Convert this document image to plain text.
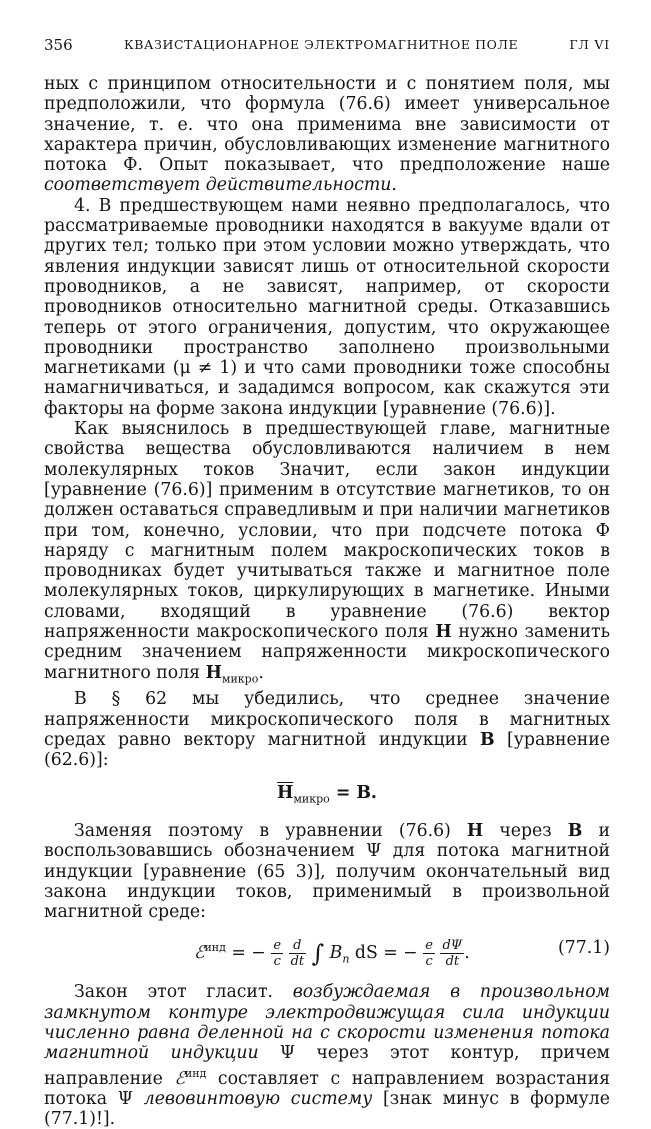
356	КВАЗИСТАЦИОНАРНОЕ ЭЛЕКТРОМАГНИТНОЕ ПОЛЕ	ГЛ VI

ных с принципом относительности и с понятием поля, мы предположили, что формула (76.6) имеет универсальное значение, т. е. что она применима вне зависимости от характера причин, обусловливающих изменение магнитного потока Ф. Опыт показывает, что предположение наше соответствует действительности.

4. В предшествующем нами неявно предполагалось, что рассматриваемые проводники находятся в вакууме вдали от других тел; только при этом условии можно утверждать, что явления индукции зависят лишь от относительной скорости проводников, а не зависят, например, от скорости проводников относительно магнитной среды. Отказавшись теперь от этого ограничения, допустим, что окружающее проводники пространство заполнено произвольными магнетиками (μ ≠ 1) и что сами проводники тоже способны намагничиваться, и зададимся вопросом, как скажутся эти факторы на форме закона индукции [уравнение (76.6)].

Как выяснилось в предшествующей главе, магнитные свойства вещества обусловливаются наличием в нем молекулярных токов Значит, если закон индукции [уравнение (76.6)] применим в отсутствие магнетиков, то он должен оставаться справедливым и при наличии магнетиков при том, конечно, условии, что при подсчете потока Ф наряду с магнитным полем макроскопических токов в проводниках будет учитываться также и магнитное поле молекулярных токов, циркулирующих в магнетике. Иными словами, входящий в уравнение (76.6) вектор напряженности макроскопического поля H нужно заменить средним значением напряженности микроскопического магнитного поля $H_{микро}$.

В § 62 мы убедились, что среднее значение напряженности микроскопического поля в магнитных средах равно вектору магнитной индукции B [уравнение (62.6)]:

$\overline{H}_{микро} = B$.

Заменяя поэтому в уравнении (76.6) H через B и воспользовавшись обозначением Ψ для потока магнитной индукции [уравнение (65 3)], получим окончательный вид закона индукции токов, применимый в произвольной магнитной среде:

ℰ$^{инд}$ = − $\frac{e}{c}$
$\frac{d}{dt}$ ∫ $B_n$ dS = − $\frac{e}{c}$
$\frac{d\Psi}{dt}$ .	(77.1)

Закон этот гласит. возбуждаемая в произвольном замкнутом контуре электродвижущая сила индукции численно равна деленной на с скорости изменения потока магнитной индукции Ψ через этот контур, причем направление ℰ$^{инд}$ составляет с направлением возрастания потока Ψ левовинтовую систему [знак минус в формуле (77.1)!].
